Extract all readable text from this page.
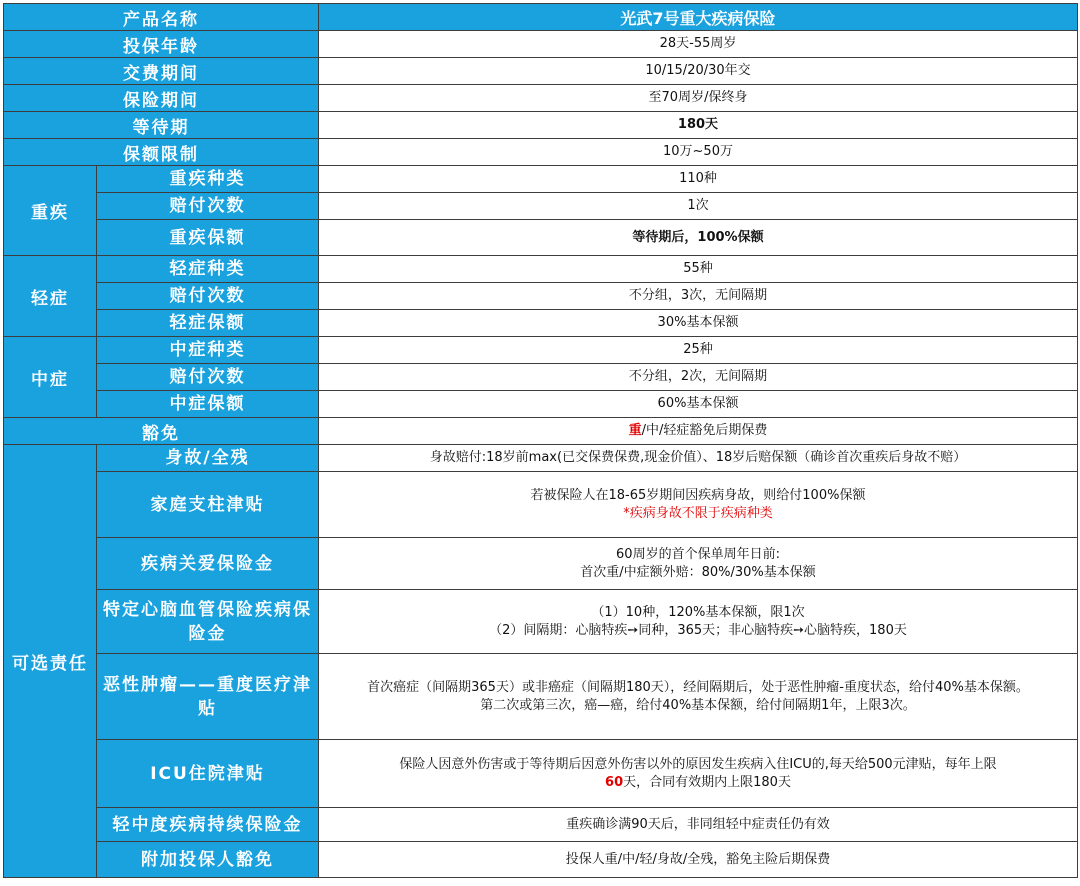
产品名称		光武7号重大疾病保险
投保年龄		28天-55周岁
交费期间		10/15/20/30年交
保险期间		至70周岁/保终身
等待期		180天
保额限制		10万~50万
重疾	重疾种类	110种
	赔付次数	1次
	重疾保额	等待期后，100%保额
轻症	轻症种类	55种
	赔付次数	不分组，3次，无间隔期
	轻症保额	30%基本保额
中症	中症种类	25种
	赔付次数	不分组，2次，无间隔期
	中症保额	60%基本保额
豁免		重/中/轻症豁免后期保费
可选责任	身故/全残	身故赔付:18岁前max(已交保费保费,现金价值）、18岁后赔保额（确诊首次重疾后身故不赔）

	家庭支柱津贴	若被保险人在18-65岁期间因疾病身故，则给付100%保额
*疾病身故不限于疾病种类

	疾病关爱保险金	60周岁的首个保单周年日前:
首次重/中症额外赔：80%/30%基本保额

	特定心脑血管保险疾病保险金	（1）10种，120%基本保额，限1次
（2）间隔期：心脑特疾➙同种，365天；非心脑特疾➙心脑特疾，180天

	恶性肿瘤——重度医疗津贴	首次癌症（间隔期365天）或非癌症（间隔期180天），经间隔期后，处于恶性肿瘤-重度状态，给付40%基本保额。
第二次或第三次，癌—癌，给付40%基本保额，给付间隔期1年，上限3次。

	ICU住院津贴	保险人因意外伤害或于等待期后因意外伤害以外的原因发生疾病入住ICU的,每天给500元津贴，每年上限
60天，合同有效期内上限180天

	轻中度疾病持续保险金	重疾确诊满90天后，非同组轻中症责任仍有效

	附加投保人豁免	投保人重/中/轻/身故/全残，豁免主险后期保费
